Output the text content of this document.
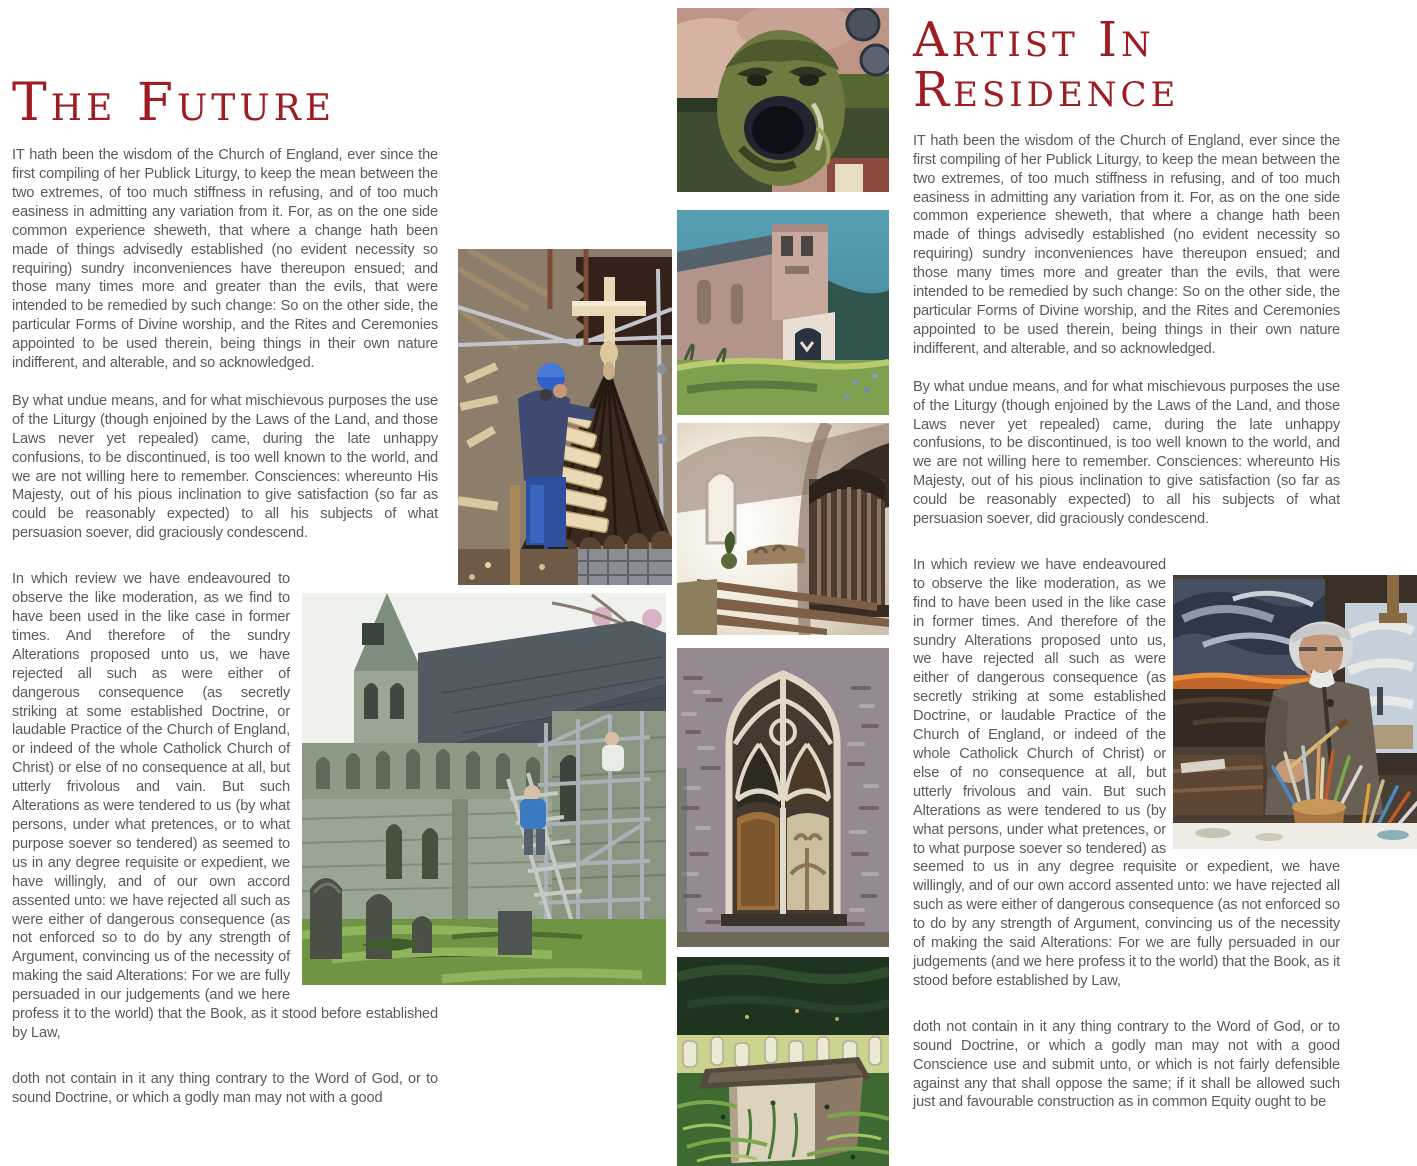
The Future

IT hath been the wisdom of the Church of England, ever since the first compiling of her Publick Liturgy, to keep the mean between the two extremes, of too much stiffness in refusing, and of too much easiness in admitting any variation from it. For, as on the one side common experience sheweth, that where a change hath been made of things advisedly established (no evident necessity so requiring) sundry inconveniences have thereupon ensued; and those many times more and greater than the evils, that were intended to be remedied by such change: So on the other side, the particular Forms of Divine worship, and the Rites and Ceremonies appointed to be used therein, being things in their own nature indifferent, and alterable, and so acknowledged.

By what undue means, and for what mischievous purposes the use of the Liturgy (though enjoined by the Laws of the Land, and those Laws never yet repealed) came, during the late unhappy confusions, to be discontinued, is too well known to the world, and we are not willing here to remember. Consciences: whereunto His Majesty, out of his pious inclination to give satisfaction (so far as could be reasonably expected) to all his subjects of what persuasion soever, did graciously condescend.

In which review we have endeavoured to observe the like moderation, as we find to have been used in the like case in former times. And therefore of the sundry Alterations proposed unto us, we have rejected all such as were either of dangerous consequence (as secretly striking at some established Doctrine, or laudable Practice of the Church of England, or indeed of the whole Catholick Church of Christ) or else of no consequence at all, but utterly frivolous and vain. But such Alterations as were tendered to us (by what persons, under what pretences, or to what purpose soever so tendered) as seemed to us in any degree requisite or expedient, we have willingly, and of our own accord assented unto: we have rejected all such as were either of dangerous consequence (as not enforced so to do by any strength of Argument, convincing us of the necessity of making the said Alterations: For we are fully persuaded in our judgements (and we here profess it to the world) that the Book, as it stood before established by Law,

doth not contain in it any thing contrary to the Word of God, or to sound Doctrine, or which a godly man may not with a good

Artist In Residence

IT hath been the wisdom of the Church of England, ever since the first compiling of her Publick Liturgy, to keep the mean between the two extremes, of too much stiffness in refusing, and of too much easiness in admitting any variation from it. For, as on the one side common experience sheweth, that where a change hath been made of things advisedly established (no evident necessity so requiring) sundry inconveniences have thereupon ensued; and those many times more and greater than the evils, that were intended to be remedied by such change: So on the other side, the particular Forms of Divine worship, and the Rites and Ceremonies appointed to be used therein, being things in their own nature indifferent, and alterable, and so acknowledged.

By what undue means, and for what mischievous purposes the use of the Liturgy (though enjoined by the Laws of the Land, and those Laws never yet repealed) came, during the late unhappy confusions, to be discontinued, is too well known to the world, and we are not willing here to remember. Consciences: whereunto His Majesty, out of his pious inclination to give satisfaction (so far as could be reasonably expected) to all his subjects of what persuasion soever, did graciously condescend.

In which review we have endeavoured to observe the like moderation, as we find to have been used in the like case in former times. And therefore of the sundry Alterations proposed unto us, we have rejected all such as were either of dangerous consequence (as secretly striking at some established Doctrine, or laudable Practice of the Church of England, or indeed of the whole Catholick Church of Christ) or else of no consequence at all, but utterly frivolous and vain. But such Alterations as were tendered to us (by what persons, under what pretences, or to what purpose soever so tendered) as seemed to us in any degree requisite or expedient, we have willingly, and of our own accord assented unto: we have rejected all such as were either of dangerous consequence (as not enforced so to do by any strength of Argument, convincing us of the necessity of making the said Alterations: For we are fully persuaded in our judgements (and we here profess it to the world) that the Book, as it stood before established by Law,

doth not contain in it any thing contrary to the Word of God, or to sound Doctrine, or which a godly man may not with a good Conscience use and submit unto, or which is not fairly defensible against any that shall oppose the same; if it shall be allowed such just and favourable construction as in common Equity ought to be
